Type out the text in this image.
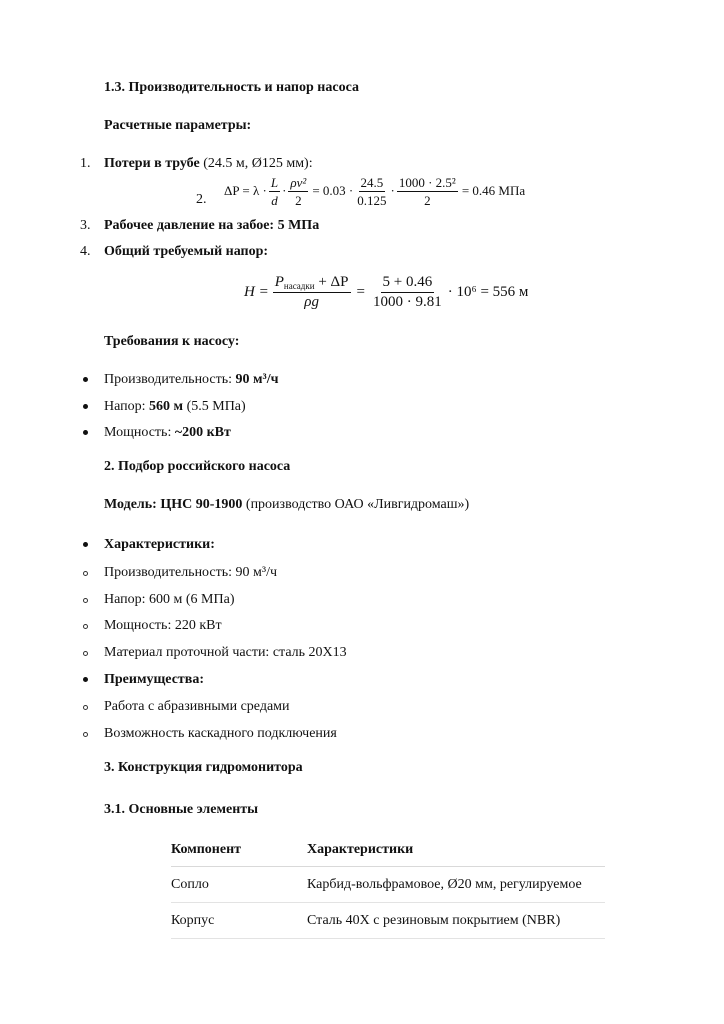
1.3. Производительность и напор насоса
Расчетные параметры:
1. Потери в трубе (24.5 м, Ø125 мм):
2.
$\Delta P = \lambda \cdot \frac{L}{d} \cdot \frac{\text{ρv²}}{2} = 0.03 \cdot \frac{24.5}{0.125} \cdot \frac{\text{1000 · 2.5²}}{2} = 0.46$ МПа
3. Рабочее давление на забое: 5 МПа
4. Общий требуемый напор:
$H = \frac{P_{насадки} + \Delta P}{\rho g} = \frac{5 + 0.46}{1000 \cdot 9.81} \cdot 10^6 = 556$ м
Требования к насосу:
Производительность: 90 м³/ч
Напор: 560 м (5.5 МПа)
Мощность: ~200 кВт
2. Подбор российского насоса
Модель: ЦНС 90-1900 (производство ОАО «Ливгидромаш»)
Характеристики:
Производительность: 90 м³/ч
Напор: 600 м (6 МПа)
Мощность: 220 кВт
Материал проточной части: сталь 20Х13
Преимущества:
Работа с абразивными средами
Возможность каскадного подключения
3. Конструкция гидромонитора
3.1. Основные элементы
Компонент	Характеристики
Сопло	Карбид-вольфрамовое, Ø20 мм, регулируемое
Корпус	Сталь 40Х с резиновым покрытием (NBR)
